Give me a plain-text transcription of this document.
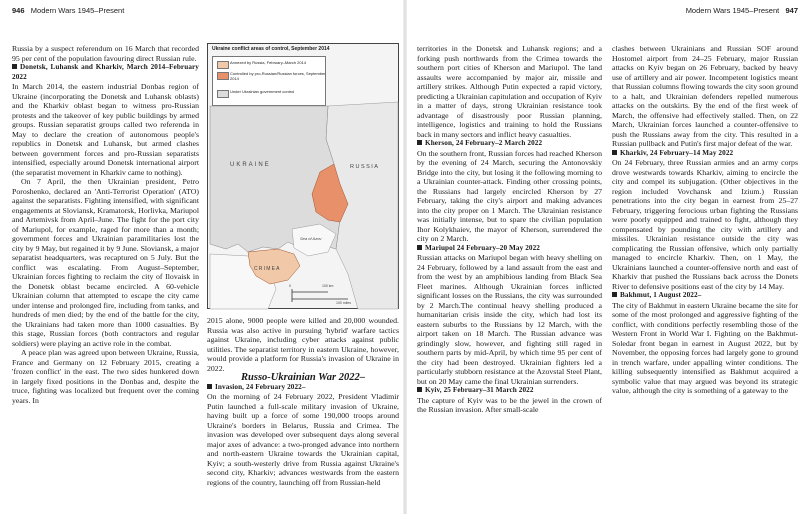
946 Modern Wars 1945–Present

Russia by a suspect referendum on 16 March that recorded 95 per cent of the population favouring direct Russian rule.

Donetsk, Luhansk and Kharkiv, March 2014–February 2022

In March 2014, the eastern industrial Donbas region of Ukraine (incorporating the Donetsk and Luhansk oblasts) and the Kharkiv oblast began to witness pro-Russian protests and the takeover of key public buildings by armed groups. Russian separatist groups called two referenda in May to declare the creation of autonomous people's republics in Donetsk and Luhansk, but armed clashes between government forces and pro-Russian separatists intensified, especially around Donetsk international airport (the separatist movement in Kharkiv came to nothing).

On 7 April, the then Ukrainian president, Petro Poroshenko, declared an 'Anti-Terrorist Operation' (ATO) against the separatists. Fighting intensified, with significant engagements at Sloviansk, Kramatorsk, Horlivka, Mariupol and Artemivsk from April–June. The fight for the port city of Mariupol, for example, raged for more than a month; government forces and Ukrainian paramilitaries lost the city by 9 May, but regained it by 9 June. Sloviansk, a major separatist headquarters, was recaptured on 5 July. But the conflict was escalating. From August–September, Ukrainian forces fighting to reclaim the city of Ilovaisk in the Donetsk oblast became encircled. A 60-vehicle Ukrainian column that attempted to escape the city came under intense and prolonged fire, including from tanks, and hundreds of men died; by the end of the battle for the city, the Ukrainians had taken more than 1000 casualties. By this stage, Russian forces (both contractors and regular soldiers) were playing an active role in the combat.

A peace plan was agreed upon between Ukraine, Russia, France and Germany on 12 February 2015, creating a 'frozen conflict' in the east. The two sides hunkered down in largely fixed positions in the Donbas and, despite the truce, fighting was localized but frequent over the coming years. In

Ukraine conflict areas of control, September 2014
Annexed by Russia, February–March 2014
Controlled by pro-Russian/Russian forces, September 2014
Under Ukrainian government control
UKRAINE	RUSSIA
CRIMEA
Sea of Azov
0	100 km
100 miles

2015 alone, 9000 people were killed and 20,000 wounded. Russia was also active in pursuing 'hybrid' warfare tactics against Ukraine, including cyber attacks against public utilities. The separatist territory in eastern Ukraine, however, would provide a platform for Russia's invasion of Ukraine in 2022.

Russo-Ukrainian War 2022–

Invasion, 24 February 2022–

On the morning of 24 February 2022, President Vladimir Putin launched a full-scale military invasion of Ukraine, having built up a force of some 190,000 troops around Ukraine's borders in Belarus, Russia and Crimea. The invasion was developed over subsequent days along several major axes of advance: a two-pronged advance into northern and north-eastern Ukraine towards the Ukrainian capital, Kyiv; a south-westerly drive from Russia against Ukraine's second city, Kharkiv; advances westwards from the eastern regions of the country, launching off from Russian-held

Modern Wars 1945–Present 947

territories in the Donetsk and Luhansk regions; and a forking push northwards from the Crimea towards the southern port cities of Kherson and Mariupol. The land assaults were accompanied by major air, missile and artillery strikes. Although Putin expected a rapid victory, predicting a Ukrainian capitulation and occupation of Kyiv in a matter of days, strong Ukrainian resistance took advantage of disastrously poor Russian planning, intelligence, logistics and training to hold the Russians back in many sectors and inflict heavy casualties.

Kherson, 24 February–2 March 2022

On the southern front, Russian forces had reached Kherson by the evening of 24 March, securing the Antonovskiy Bridge into the city, but losing it the following morning to a Ukrainian counter-attack. Finding other crossing points, the Russians had largely encircled Kherson by 27 February, taking the city's airport and making advances into the city proper on 1 March. The Ukrainian resistance was initially intense, but to spare the civilian population Ihor Kolykhaiev, the mayor of Kherson, surrendered the city on 2 March.

Mariupol 24 February–20 May 2022

Russian attacks on Mariupol began with heavy shelling on 24 February, followed by a land assault from the east and from the west by an amphibious landing from Black Sea Fleet marines. Although Ukrainian forces inflicted significant losses on the Russians, the city was surrounded by 2 March.The continual heavy shelling produced a humanitarian crisis inside the city, which had lost its eastern suburbs to the Russians by 12 March, with the airport taken on 18 March. The Russian advance was grindingly slow, however, and fighting still raged in southern parts by mid-April, by which time 95 per cent of the city had been destroyed. Ukrainian fighters led a particularly stubborn resistance at the Azovstal Steel Plant, but on 20 May came the final Ukrainian surrenders.

Kyiv, 25 February–31 March 2022

The capture of Kyiv was to be the jewel in the crown of the Russian invasion. After small-scale

clashes between Ukrainians and Russian SOF around Hostomel airport from 24–25 February, major Russian attacks on Kyiv began on 26 February, backed by heavy use of artillery and air power. Incompetent logistics meant that Russian columns flowing towards the city soon ground to a halt, and Ukrainian defenders repelled numerous attacks on the outskirts. By the end of the first week of March, the offensive had effectively stalled. Then, on 22 March, Ukrainian forces launched a counter-offensive to push the Russians away from the city. This resulted in a Russian pullback and Putin's first major defeat of the war.

Kharkiv, 24 February–14 May 2022

On 24 February, three Russian armies and an army corps drove westwards towards Kharkiv, aiming to encircle the city and compel its subjugation. (Other objectives in the region included Vovchansk and Izium.) Russian penetrations into the city began in earnest from 25–27 February, triggering ferocious urban fighting the Russians were poorly equipped and trained to fight, although they compensated by pounding the city with artillery and missiles. Ukrainian resistance outside the city was complicating the Russian offensive, which only partially managed to encircle Kharkiv. Then, on 1 May, the Ukrainians launched a counter-offensive north and east of Kharkiv that pushed the Russians back across the Donets River to defensive positions east of the city by 14 May.

Bakhmut, 1 August 2022–

The city of Bakhmut in eastern Ukraine became the site for some of the most prolonged and aggressive fighting of the conflict, with conditions perfectly resembling those of the Western Front in World War I. Fighting on the Bakhmut-Soledar front began in earnest in August 2022, but by November, the opposing forces had largely gone to ground in trench warfare, under appalling winter conditions. The killing subsequently intensified as Bakhmut acquired a symbolic value that may argued was beyond its strategic value, although the city is something of a gateway to the
